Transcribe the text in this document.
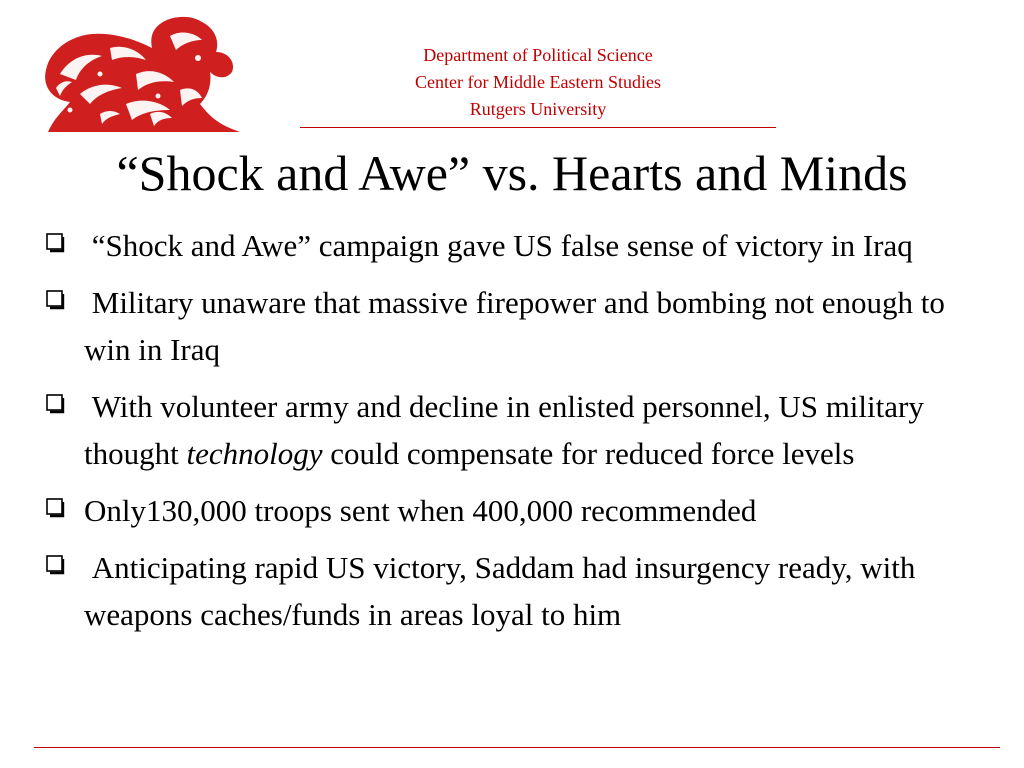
Department of Political Science
Center for Middle Eastern Studies
Rutgers University
“Shock and Awe” vs. Hearts and Minds
“Shock and Awe” campaign gave US false sense of victory in Iraq
Military unaware that massive firepower and bombing not enough to win in Iraq
With volunteer army and decline in enlisted personnel, US military thought technology could compensate for reduced force levels
Only130,000 troops sent when 400,000 recommended
Anticipating rapid US victory, Saddam had insurgency ready, with weapons caches/funds in areas loyal to him
